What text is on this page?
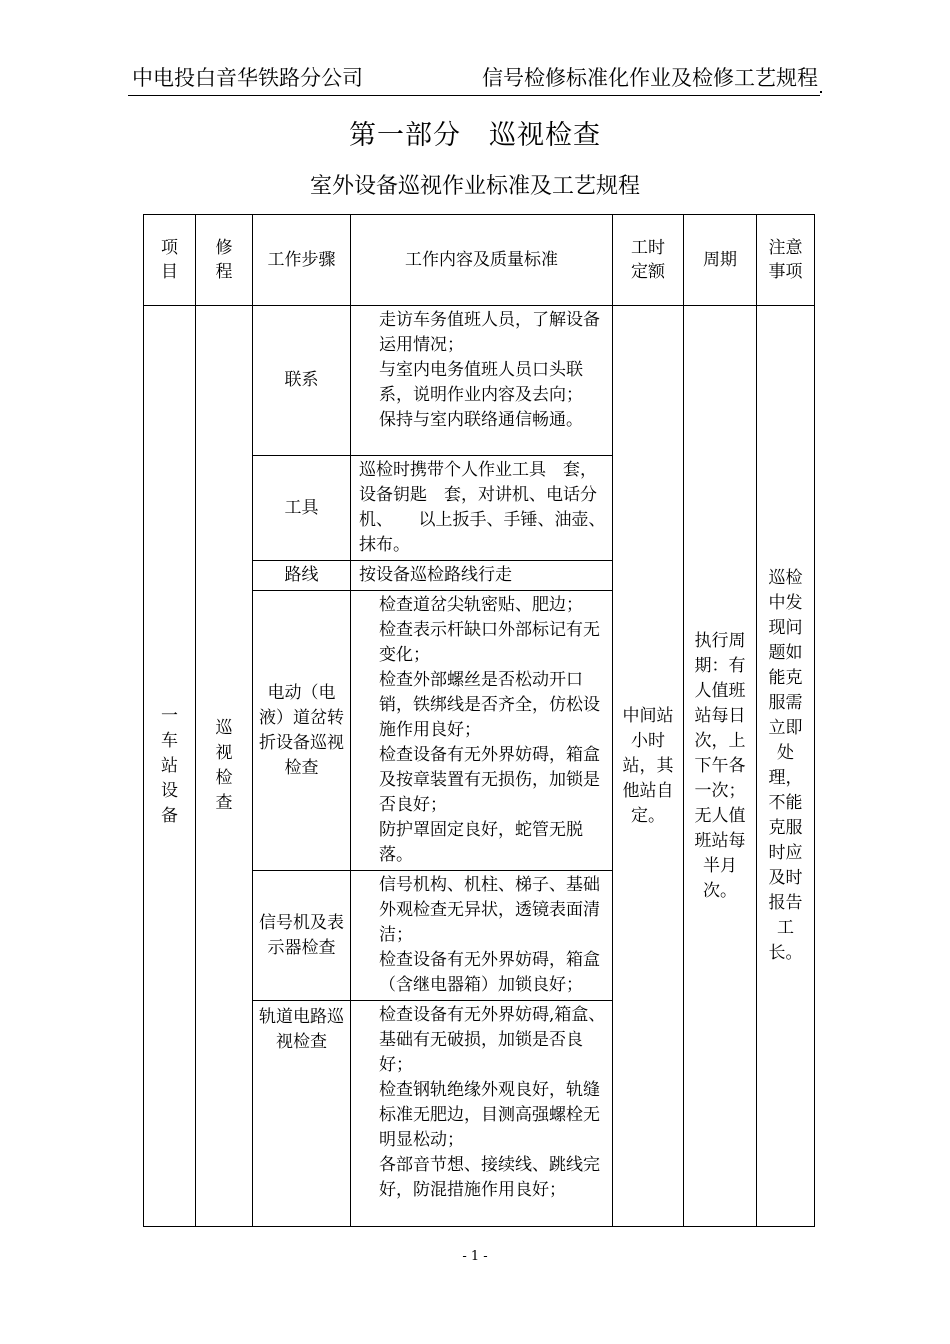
中电投白音华铁路分公司	信号检修标准化作业及检修工艺规程
第一部分　巡视检查
室外设备巡视作业标准及工艺规程
项目	修程	工作步骤	工作内容及质量标准	工时定额	周期	注意事项
一车站设备	巡视检查	联系	走访车务值班人员，了解设备运用情况；
与室内电务值班人员口头联系，说明作业内容及去向；
保持与室内联络通信畅通。	中间站小时站，其他站自定。	执行周期：有人值班站每日次，上下午各一次；无人值班站每半月次。	巡检中发现问题如能克服需立即处理，不能克服时应及时报告工长。
		工具	巡检时携带个人作业工具　套，设备钥匙　套，对讲机、电话分机、　　以上扳手、手锤、油壶、抹布。			

		路线	按设备巡检路线行走			

		电动（电液）道岔转折设备巡视检查	检查道岔尖轨密贴、肥边；
检查表示杆缺口外部标记有无变化；
检查外部螺丝是否松动开口销，铁绑线是否齐全，仿松设施作用良好；
检查设备有无外界妨碍，箱盒及按章装置有无损伤，加锁是否良好；
防护罩固定良好，蛇管无脱落。			

		信号机及表示器检查	信号机构、机柱、梯子、基础外观检查无异状，透镜表面清洁；
检查设备有无外界妨碍，箱盒（含继电器箱）加锁良好；			

		轨道电路巡视检查	检查设备有无外界妨碍,箱盒、基础有无破损，加锁是否良好；
检查钢轨绝缘外观良好，轨缝标准无肥边，目测高强螺栓无明显松动；
各部音节想、接续线、跳线完好，防混措施作用良好；			
- 1 -
